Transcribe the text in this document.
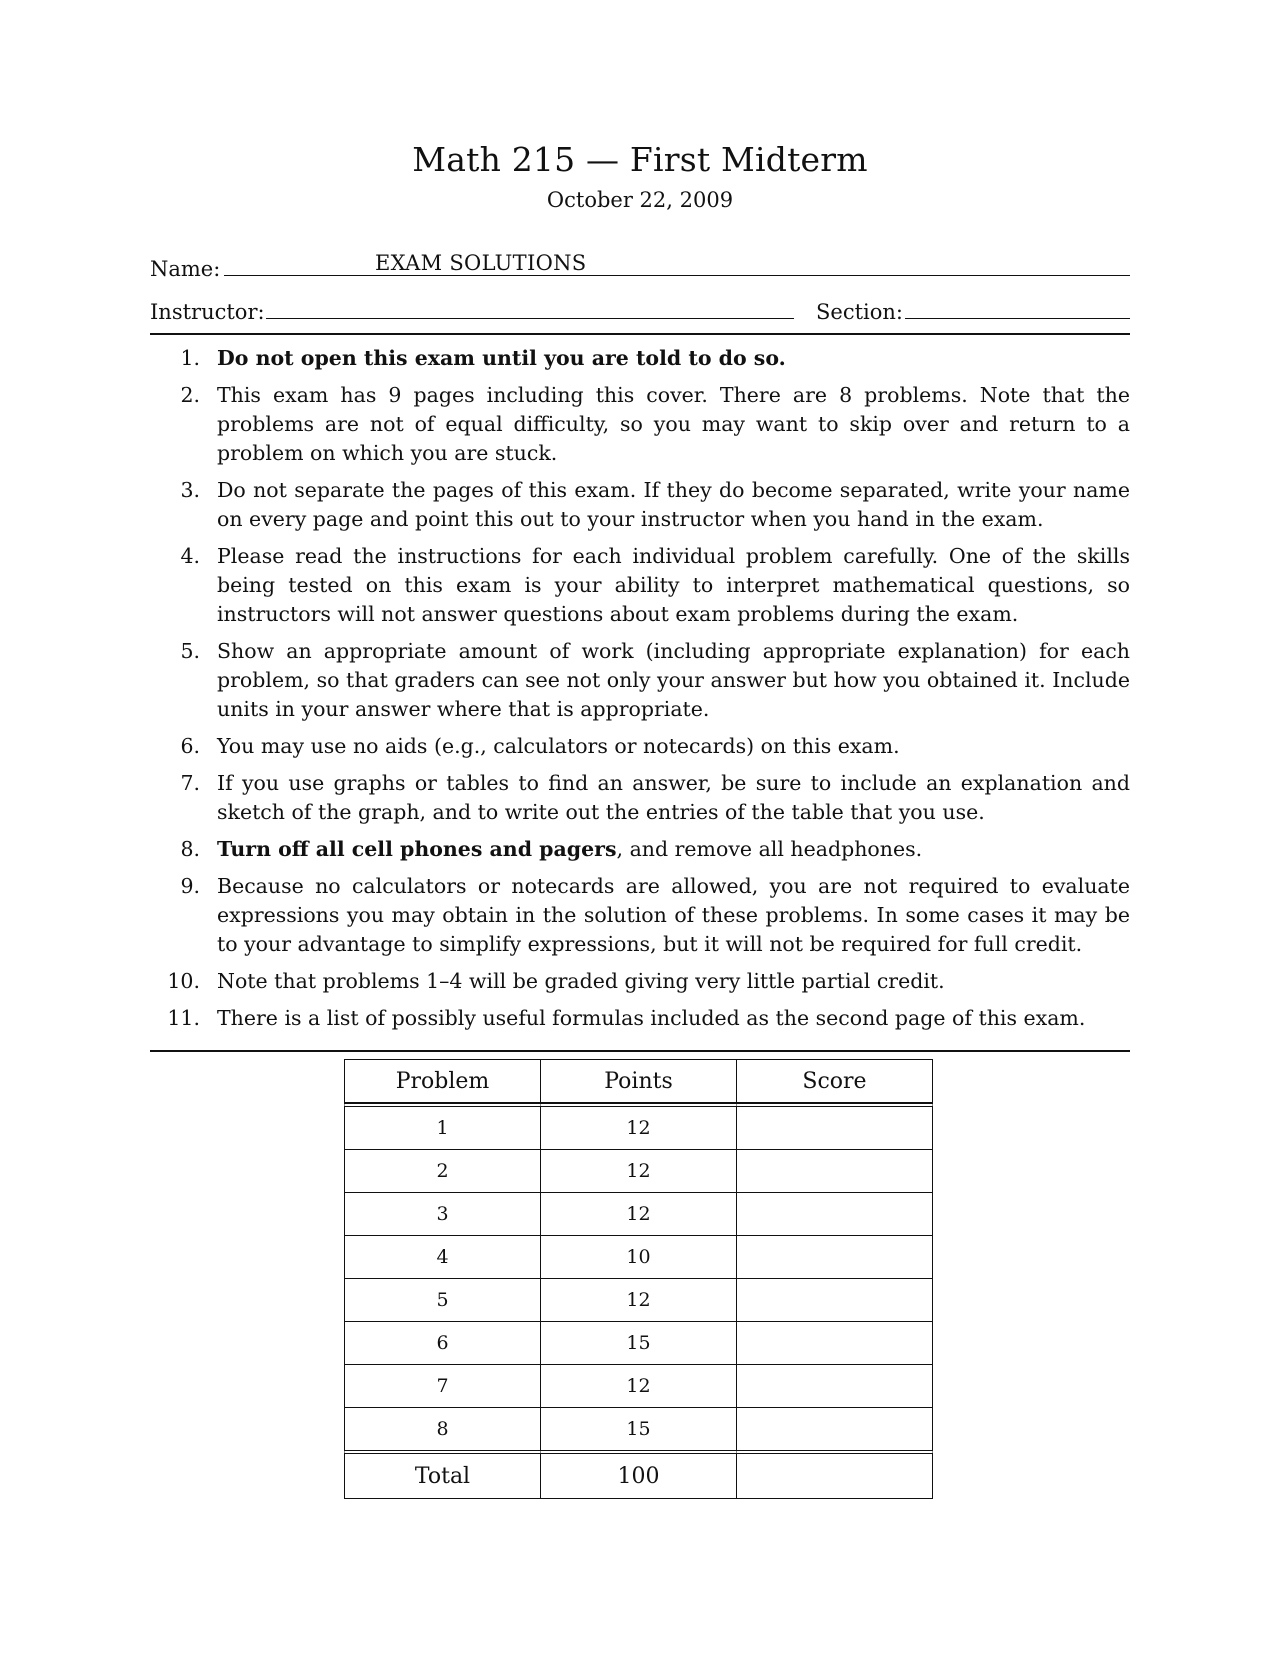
Math 215 — First Midterm
October 22, 2009
Name:	EXAM SOLUTIONS
Instructor:	Section:
1. Do not open this exam until you are told to do so.
2. This exam has 9 pages including this cover. There are 8 problems. Note that the problems are not of equal difficulty, so you may want to skip over and return to a problem on which you are stuck.
3. Do not separate the pages of this exam. If they do become separated, write your name on every page and point this out to your instructor when you hand in the exam.
4. Please read the instructions for each individual problem carefully. One of the skills being tested on this exam is your ability to interpret mathematical questions, so instructors will not answer questions about exam problems during the exam.
5. Show an appropriate amount of work (including appropriate explanation) for each problem, so that graders can see not only your answer but how you obtained it. Include units in your answer where that is appropriate.
6. You may use no aids (e.g., calculators or notecards) on this exam.
7. If you use graphs or tables to find an answer, be sure to include an explanation and sketch of the graph, and to write out the entries of the table that you use.
8. Turn off all cell phones and pagers, and remove all headphones.
9. Because no calculators or notecards are allowed, you are not required to evaluate expressions you may obtain in the solution of these problems. In some cases it may be to your advantage to simplify expressions, but it will not be required for full credit.
10. Note that problems 1–4 will be graded giving very little partial credit.
11. There is a list of possibly useful formulas included as the second page of this exam.
Problem	Points	Score
1	12	
2	12	
3	12	
4	10	
5	12	
6	15	
7	12	
8	15	
Total	100	
